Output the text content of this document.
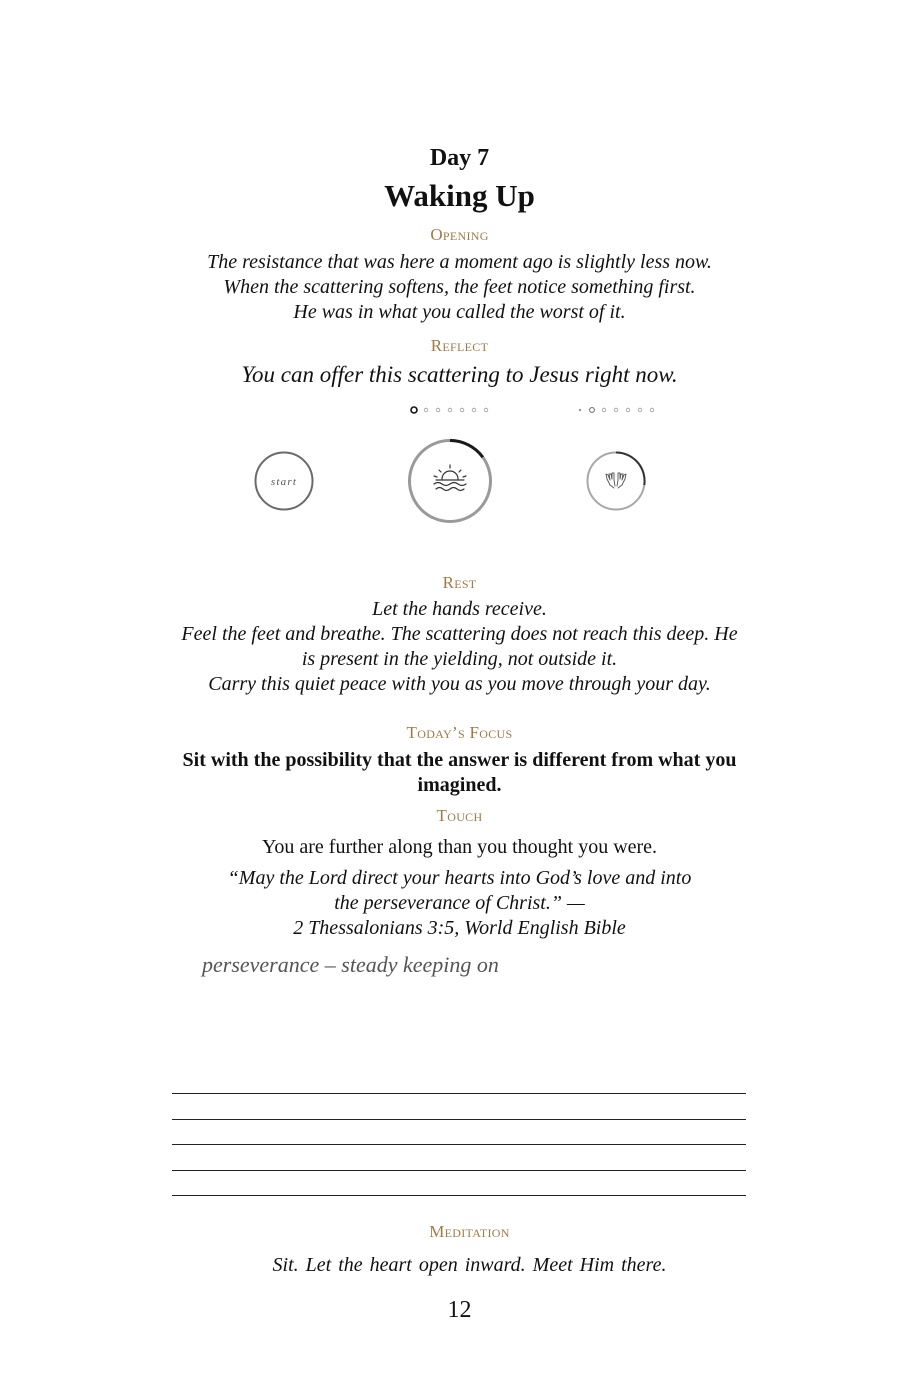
Day 7
Waking Up
Opening
The resistance that was here a moment ago is slightly less now.
When the scattering softens, the feet notice something first.
He was in what you called the worst of it.
Reflect
You can offer this scattering to Jesus right now.
start
Rest
Let the hands receive.
Feel the feet and breathe. The scattering does not reach this deep. He
is present in the yielding, not outside it.
Carry this quiet peace with you as you move through your day.
Today’s Focus
Sit with the possibility that the answer is different from what you
imagined.
Touch
You are further along than you thought you were.
“May the Lord direct your hearts into God’s love and into
the perseverance of Christ.” —
2 Thessalonians 3:5, World English Bible
perseverance – steady keeping on
Meditation
Sit. Let the heart open inward. Meet Him there.
12
